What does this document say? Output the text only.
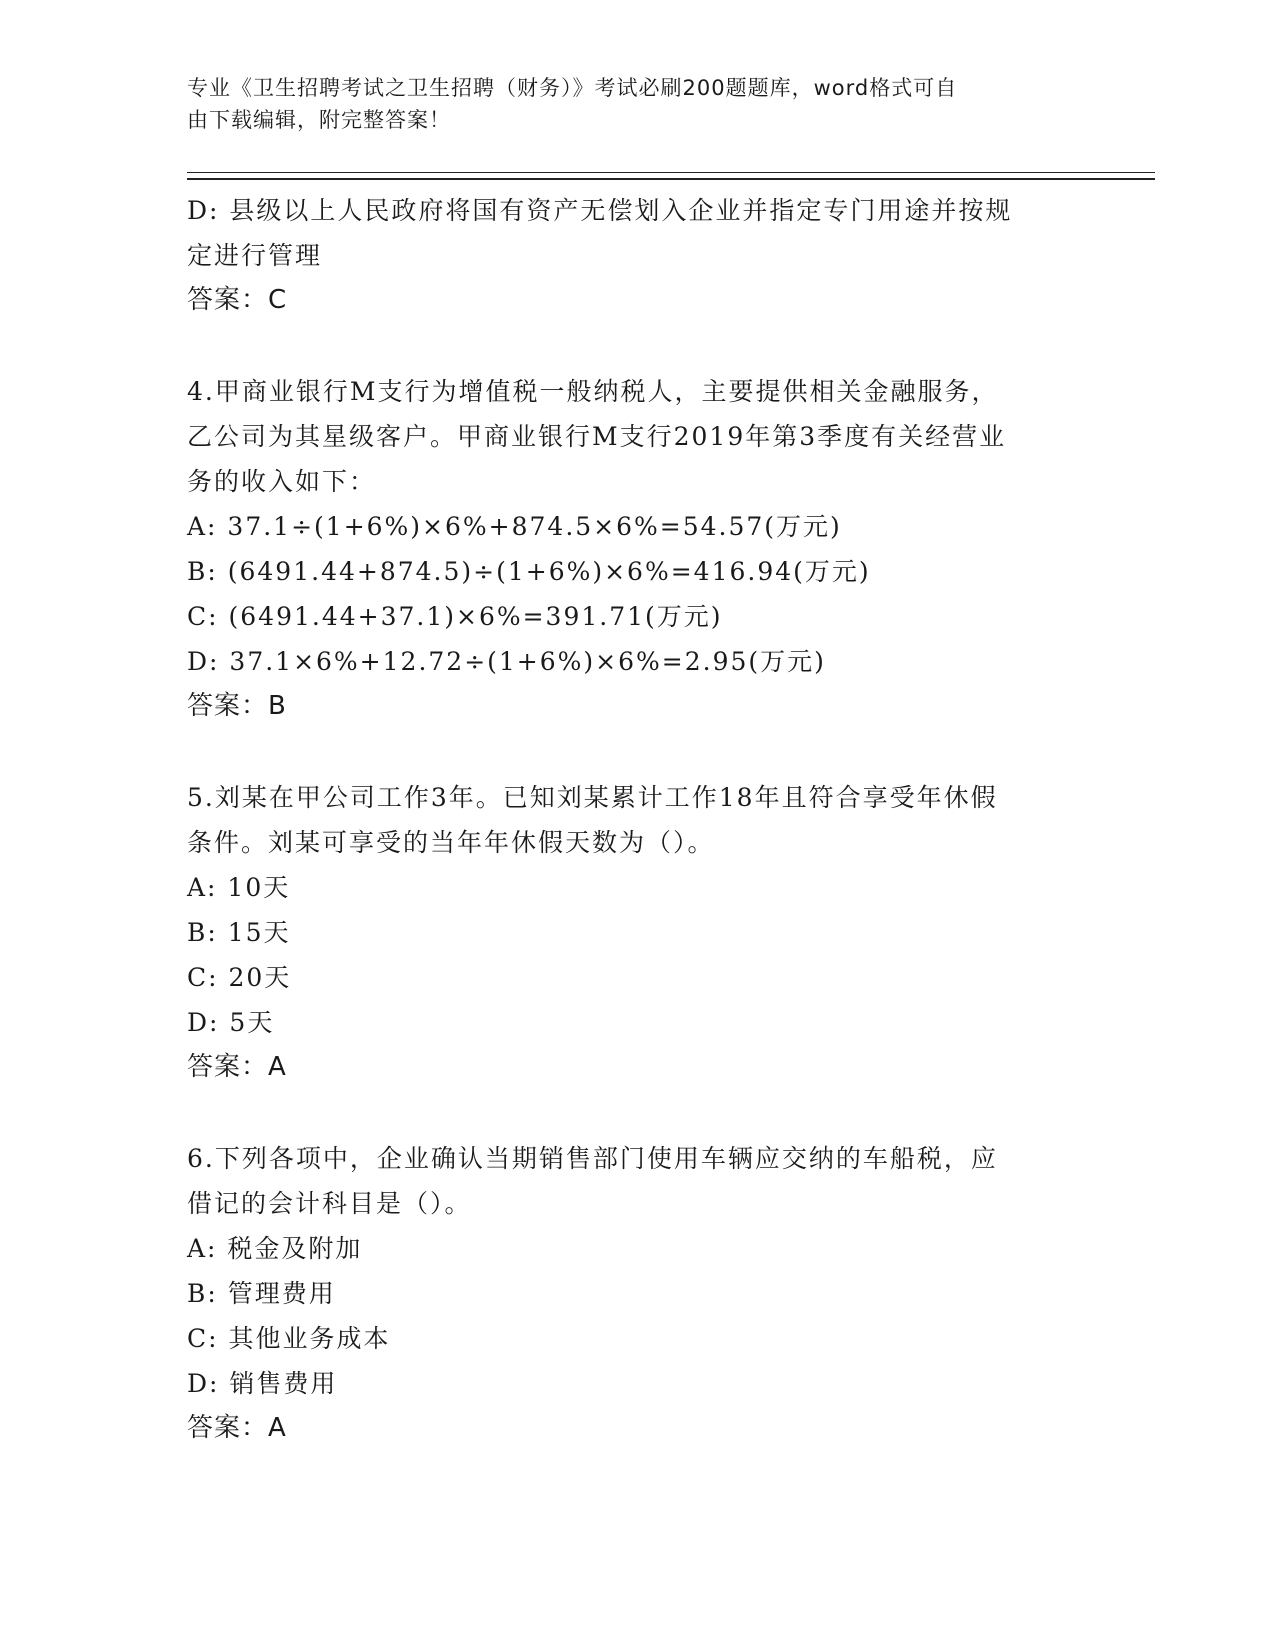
专业《卫生招聘考试之卫生招聘（财务）》考试必刷200题题库，word格式可自
由下载编辑，附完整答案！
D: 县级以上人民政府将国有资产无偿划入企业并指定专门用途并按规
定进行管理
答案：C
4.甲商业银行M支行为增值税一般纳税人，主要提供相关金融服务，
乙公司为其星级客户。甲商业银行M支行2019年第3季度有关经营业
务的收入如下：
A: 37.1÷(1+6%)×6%+874.5×6%=54.57(万元)
B: (6491.44+874.5)÷(1+6%)×6%=416.94(万元)
C: (6491.44+37.1)×6%=391.71(万元)
D: 37.1×6%+12.72÷(1+6%)×6%=2.95(万元)
答案：B
5.刘某在甲公司工作3年。已知刘某累计工作18年且符合享受年休假
条件。刘某可享受的当年年休假天数为（）。
A: 10天
B: 15天
C: 20天
D: 5天
答案：A
6.下列各项中，企业确认当期销售部门使用车辆应交纳的车船税，应
借记的会计科目是（）。
A: 税金及附加
B: 管理费用
C: 其他业务成本
D: 销售费用
答案：A
